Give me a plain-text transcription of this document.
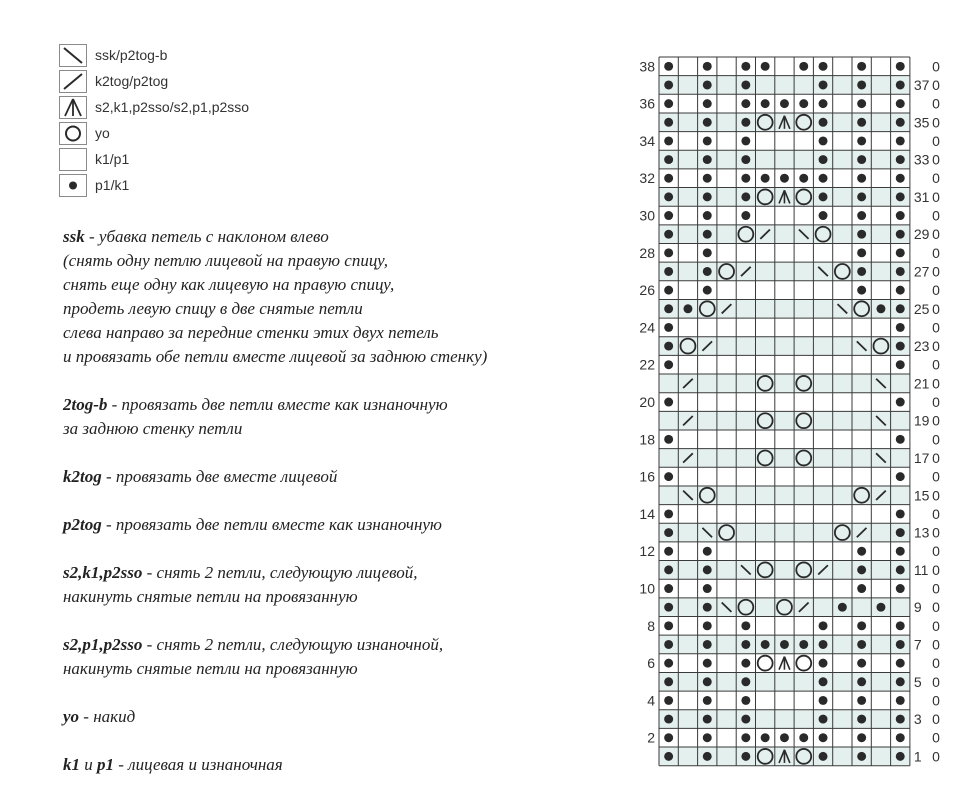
ssk/p2tog-b
k2tog/p2tog
s2,k1,p2sso/s2,p1,p2sso
yo
k1/p1
p1/k1
ssk - убавка петель с наклоном влево
(снять одну петлю лицевой на правую спицу,
снять еще одну как лицевую на правую спицу,
продеть левую спицу в две снятые петли
слева направо за передние стенки этих двух петель
и провязать обе петли вместе лицевой за заднюю стенку)
2tog-b - провязать две петли вместе как изнаночную
за заднюю стенку петли
k2tog - провязать две вместе лицевой
p2tog - провязать две петли вместе как изнаночную
s2,k1,p2sso - снять 2 петли, следующую лицевой,
накинуть снятые петли на провязанную
s2,p1,p2sso - снять 2 петли, следующую изнаночной,
накинуть снятые петли на провязанную
yo - накид
k1 и p1 - лицевая и изнаночная
38
36
34
32
30
28
26
24
22
20
18
16
14
12
10
8
6
4
2
37
35
33
31
29
27
25
23
21
19
17
15
13
11
9
7
5
3
1
0
0
0
0
0
0
0
0
0
0
0
0
0
0
0
0
0
0
0
0
0
0
0
0
0
0
0
0
0
0
0
0
0
0
0
0
0
0
